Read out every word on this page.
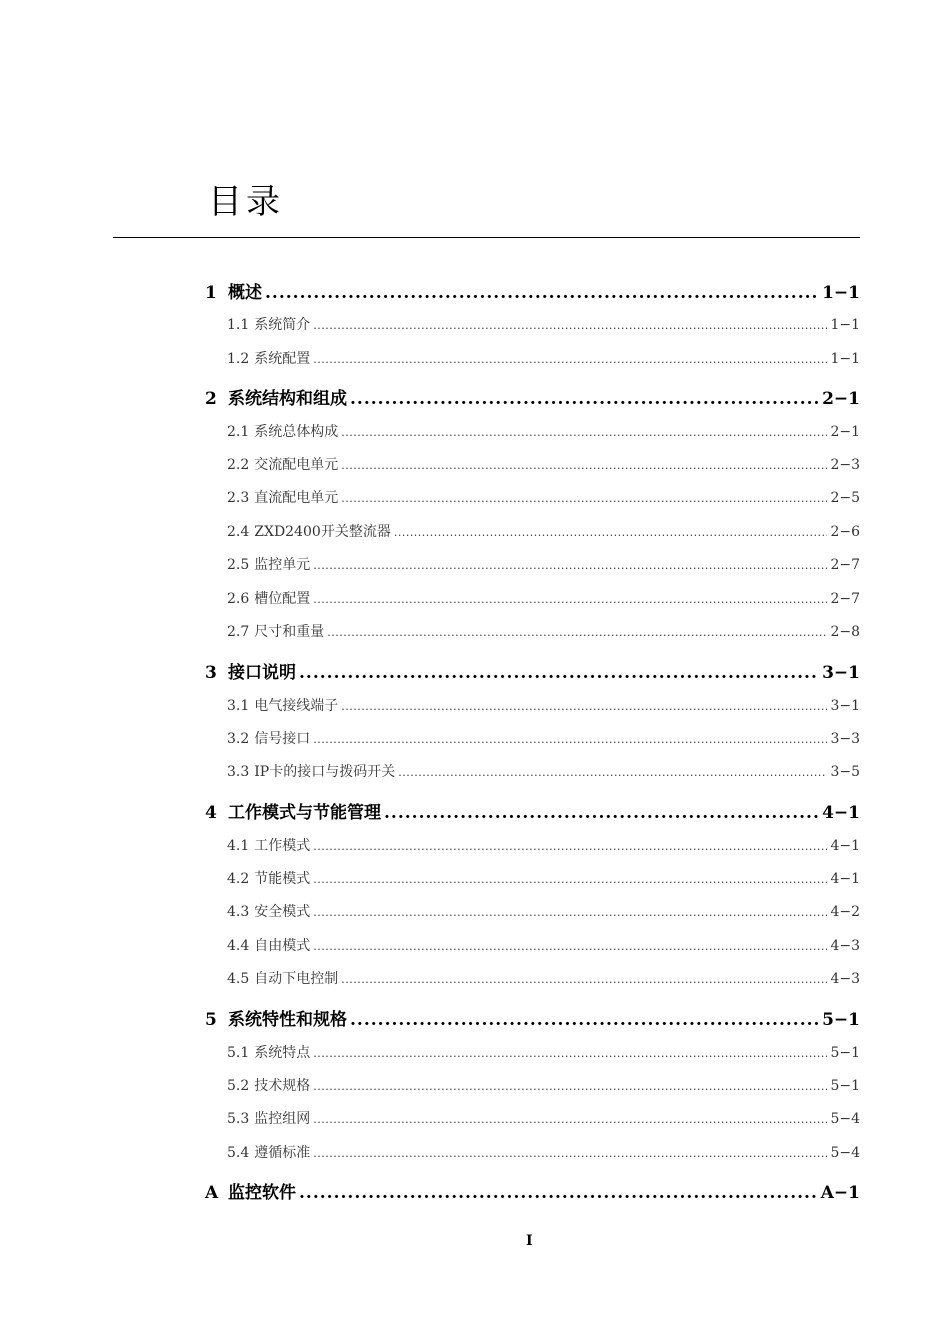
目录
1 概述 .....	1−1
1.1 系统简介 .....	1−1
1.2 系统配置 .....	1−1
2 系统结构和组成 .....	2−1
2.1 系统总体构成 .....	2−1
2.2 交流配电单元 .....	2−3
2.3 直流配电单元 .....	2−5
2.4 ZXD2400开关整流器 .....	2−6
2.5 监控单元 .....	2−7
2.6 槽位配置 .....	2−7
2.7 尺寸和重量 .....	2−8
3 接口说明 .....	3−1
3.1 电气接线端子 .....	3−1
3.2 信号接口 .....	3−3
3.3 IP卡的接口与拨码开关 .....	3−5
4 工作模式与节能管理 .....	4−1
4.1 工作模式 .....	4−1
4.2 节能模式 .....	4−1
4.3 安全模式 .....	4−2
4.4 自由模式 .....	4−3
4.5 自动下电控制 .....	4−3
5 系统特性和规格 .....	5−1
5.1 系统特点 .....	5−1
5.2 技术规格 .....	5−1
5.3 监控组网 .....	5−4
5.4 遵循标准 .....	5−4
A 监控软件 .....	A−1
I
